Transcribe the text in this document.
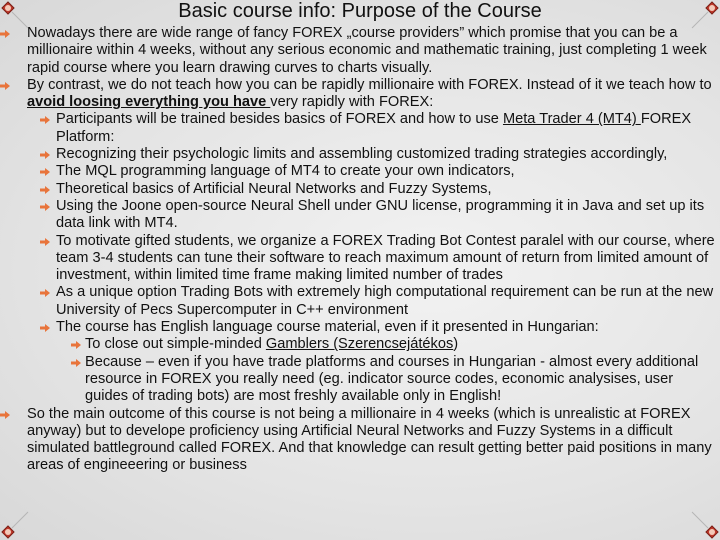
Basic course info: Purpose of the Course
Nowadays there are wide range of fancy FOREX „course providers” which promise that you can be a millionaire within 4 weeks, without any serious economic and mathematic training, just completing 1 week rapid course where you learn drawing curves to charts visually.
By contrast, we do not teach how you can be rapidly millionaire with FOREX. Instead of it we teach how to avoid loosing everything you have very rapidly with FOREX:
Participants will be trained besides basics of FOREX and how to use Meta Trader 4 (MT4) FOREX Platform:
Recognizing their psychologic limits and assembling customized trading strategies accordingly,
The MQL programming language of MT4 to create your own indicators,
Theoretical basics of Artificial Neural Networks and Fuzzy Systems,
Using the Joone open-source Neural Shell under GNU license, programming it in Java and set up its data link with MT4.
To motivate gifted students, we organize a FOREX Trading Bot Contest paralel with our course, where team 3-4 students can tune their software to reach maximum amount of return from limited amount of investment, within limited time frame making limited number of trades
As a unique option Trading Bots with extremely high computational requirement can be run at the new University of Pecs Supercomputer in C++ environment
The course has English language course material, even if it presented in Hungarian:
To close out simple-minded Gamblers (Szerencsejátékos)
Because – even if you have trade platforms and courses in Hungarian - almost every additional resource in FOREX you really need (eg. indicator source codes, economic analysises, user guides of trading bots) are most freshly available only in English!
So the main outcome of this course is not being a millionaire in 4 weeks (which is unrealistic at FOREX anyway) but to develope proficiency using Artificial Neural Networks and Fuzzy Systems in a difficult simulated battleground called FOREX. And that knowledge can result getting better paid positions in many areas of engineeering or business
